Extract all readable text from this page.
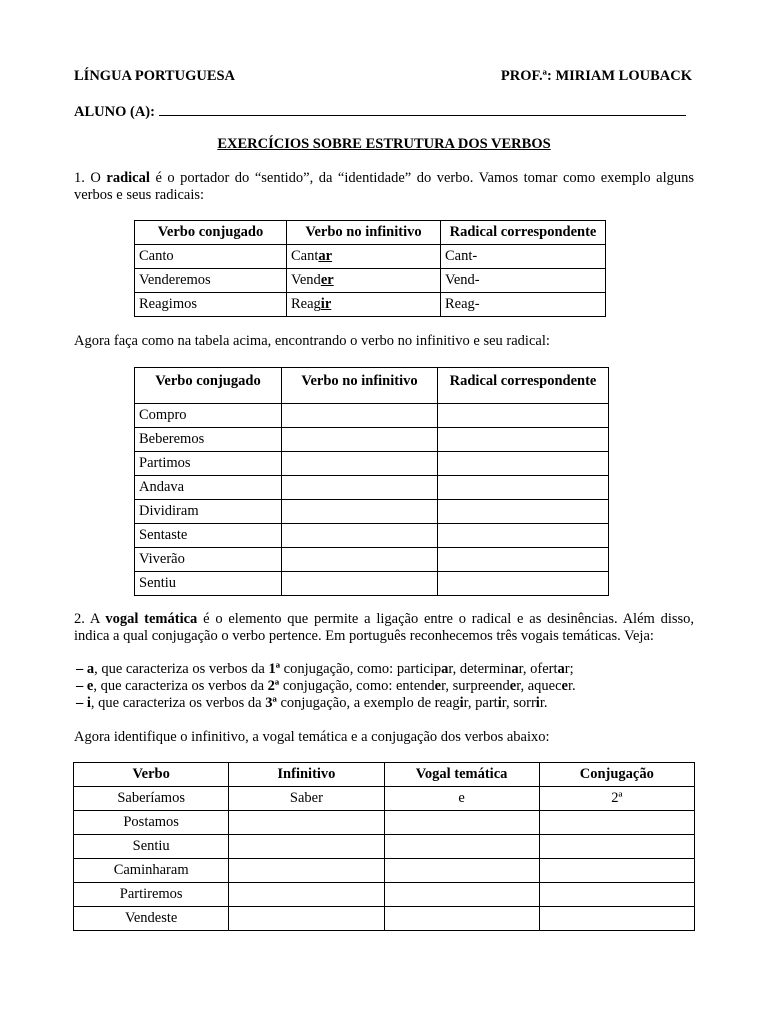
LÍNGUA PORTUGUESA	PROF.ª: MIRIAM LOUBACK
ALUNO (A):
EXERCÍCIOS SOBRE ESTRUTURA DOS VERBOS
1. O radical é o portador do “sentido”, da “identidade” do verbo. Vamos tomar como exemplo alguns verbos e seus radicais:
Verbo conjugado	Verbo no infinitivo	Radical correspondente
Canto	Cantar	Cant-
Venderemos	Vender	Vend-
Reagimos	Reagir	Reag-
Agora faça como na tabela acima, encontrando o verbo no infinitivo e seu radical:
Verbo conjugado	Verbo no infinitivo	Radical correspondente
Compro		
Beberemos		
Partimos		
Andava		
Dividiram		
Sentaste		
Viverão		
Sentiu		
2. A vogal temática é o elemento que permite a ligação entre o radical e as desinências. Além disso, indica a qual conjugação o verbo pertence. Em português reconhecemos três vogais temáticas. Veja:
– a, que caracteriza os verbos da 1ª conjugação, como: participar, determinar, ofertar;
– e, que caracteriza os verbos da 2ª conjugação, como: entender, surpreender, aquecer.
– i, que caracteriza os verbos da 3ª conjugação, a exemplo de reagir, partir, sorrir.
Agora identifique o infinitivo, a vogal temática e a conjugação dos verbos abaixo:
Verbo	Infinitivo	Vogal temática	Conjugação
Saberíamos	Saber	e	2ª
Postamos			
Sentiu			
Caminharam			
Partiremos			
Vendeste			
